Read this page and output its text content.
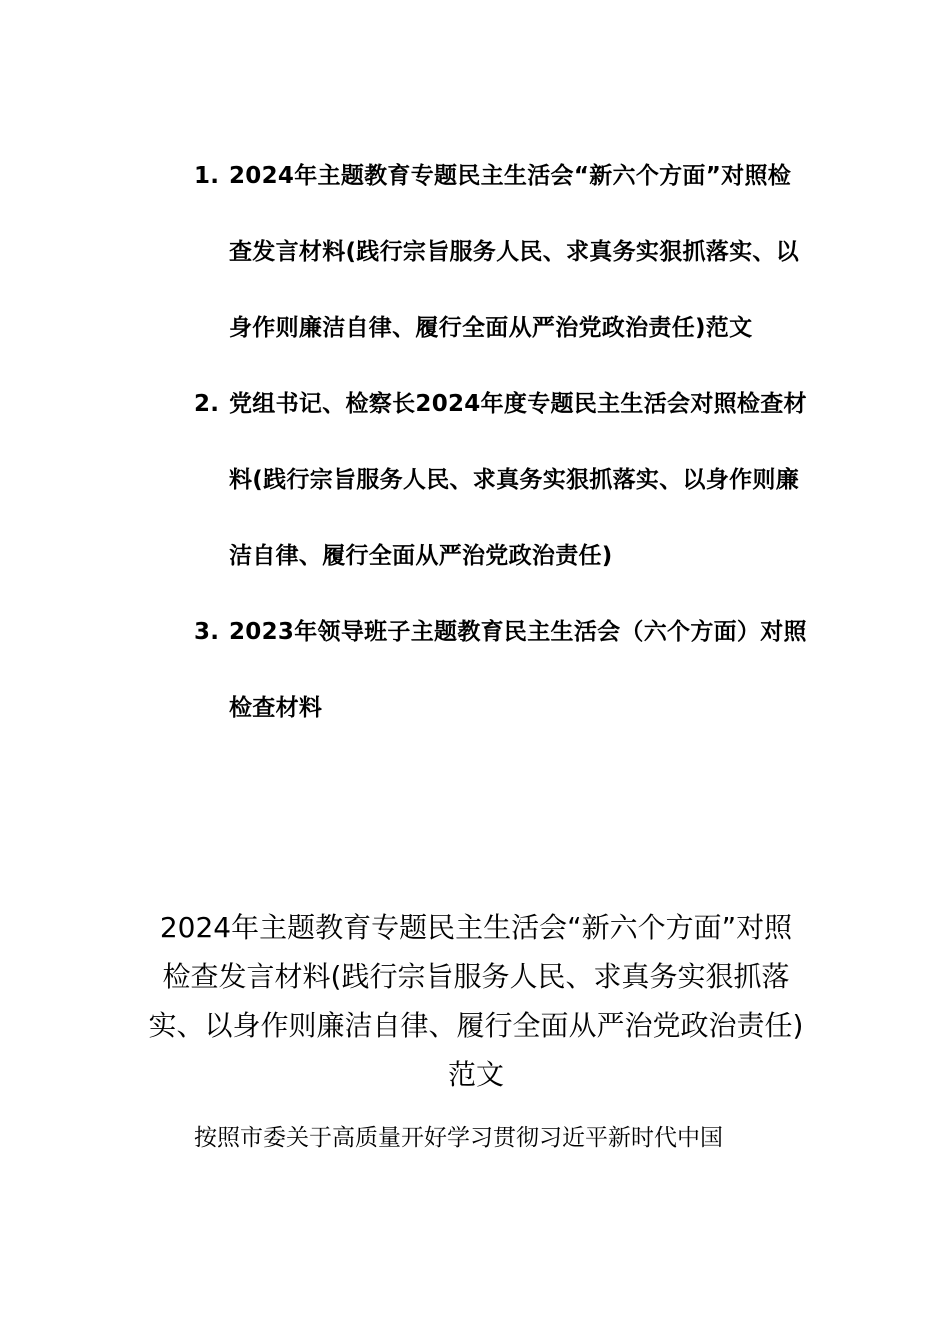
1. 2024年主题教育专题民主生活会“新六个方面”对照检查发言材料(践行宗旨服务人民、求真务实狠抓落实、以身作则廉洁自律、履行全面从严治党政治责任)范文
2. 党组书记、检察长2024年度专题民主生活会对照检查材料(践行宗旨服务人民、求真务实狠抓落实、以身作则廉洁自律、履行全面从严治党政治责任)
3. 2023年领导班子主题教育民主生活会（六个方面）对照检查材料
2024年主题教育专题民主生活会“新六个方面”对照检查发言材料(践行宗旨服务人民、求真务实狠抓落实、以身作则廉洁自律、履行全面从严治党政治责任)范文

按照市委关于高质量开好学习贯彻习近平新时代中国
